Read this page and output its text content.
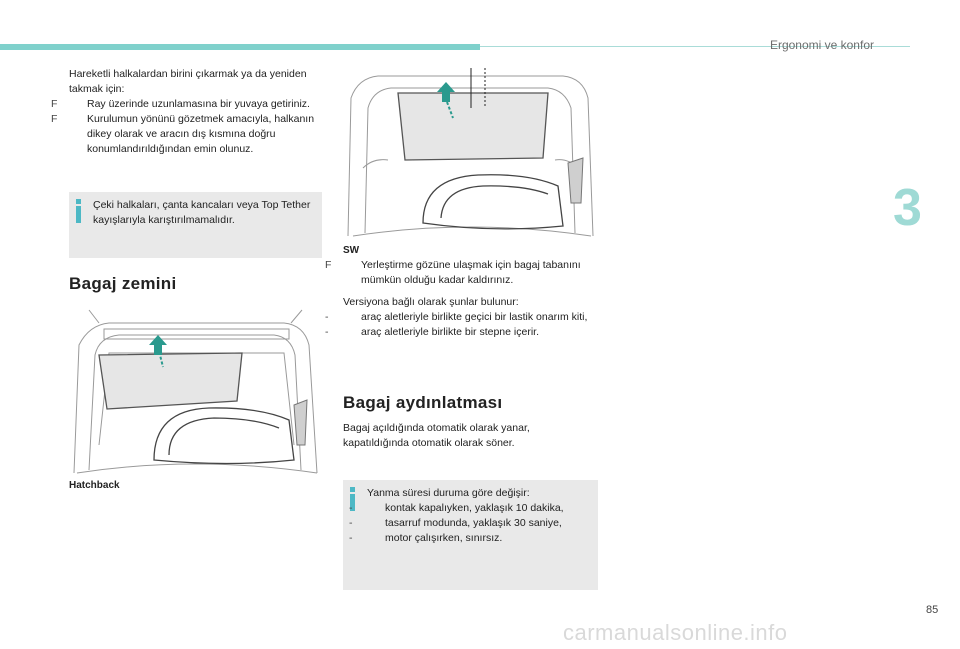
Ergonomi ve konfor
3
85
Hareketli halkalardan birini çıkarmak ya da yeniden takmak için:
F	Ray üzerinde uzunlamasına bir yuvaya getiriniz.
F	Kurulumun yönünü gözetmek amacıyla, halkanın dikey olarak ve aracın dış kısmına doğru konumlandırıldığından emin olunuz.
Çeki halkaları, çanta kancaları veya Top Tether kayışlarıyla karıştırılmamalıdır.
Bagaj zemini
Hatchback
SW
F	Yerleştirme gözüne ulaşmak için bagaj tabanını mümkün olduğu kadar kaldırınız.
Versiyona bağlı olarak şunlar bulunur:
-	araç aletleriyle birlikte geçici bir lastik onarım kiti,
-	araç aletleriyle birlikte bir stepne içerir.
Bagaj aydınlatması
Bagaj açıldığında otomatik olarak yanar, kapatıldığında otomatik olarak söner.
Yanma süresi duruma göre değişir:
-	kontak kapalıyken, yaklaşık 10 dakika,
-	tasarruf modunda, yaklaşık 30 saniye,
-	motor çalışırken, sınırsız.
carmanualsonline.info
